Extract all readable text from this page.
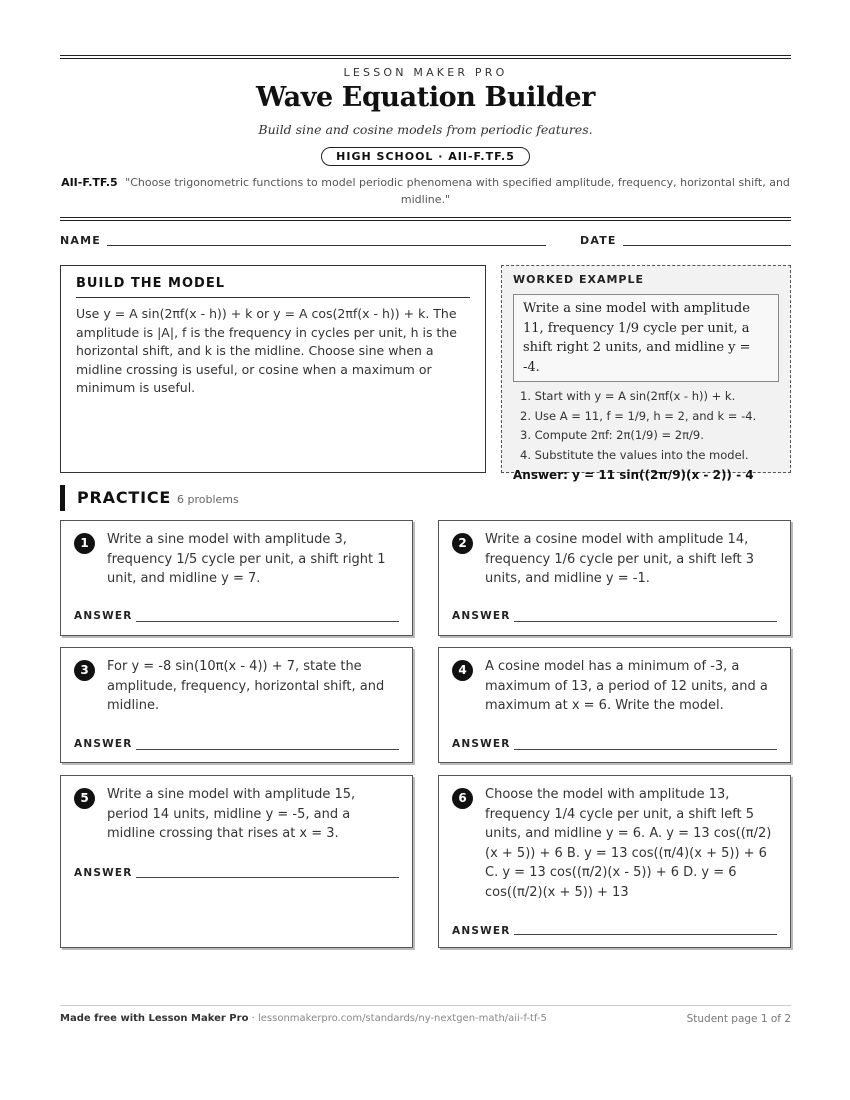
LESSON MAKER PRO
Wave Equation Builder
Build sine and cosine models from periodic features.
HIGH SCHOOL · AII-F.TF.5
AII-F.TF.5 "Choose trigonometric functions to model periodic phenomena with specified amplitude, frequency, horizontal shift, and midline."
NAME	DATE
BUILD THE MODEL
Use y = A sin(2πf(x - h)) + k or y = A cos(2πf(x - h)) + k. The amplitude is |A|, f is the frequency in cycles per unit, h is the horizontal shift, and k is the midline. Choose sine when a midline crossing is useful, or cosine when a maximum or minimum is useful.
WORKED EXAMPLE
Write a sine model with amplitude 11, frequency 1/9 cycle per unit, a shift right 2 units, and midline y = -4.
1. Start with y = A sin(2πf(x - h)) + k.
2. Use A = 11, f = 1/9, h = 2, and k = -4.
3. Compute 2πf: 2π(1/9) = 2π/9.
4. Substitute the values into the model.
Answer: y = 11 sin((2π/9)(x - 2)) - 4
PRACTICE 6 problems
1	Write a sine model with amplitude 3, frequency 1/5 cycle per unit, a shift right 1 unit, and midline y = 7.
ANSWER
2	Write a cosine model with amplitude 14, frequency 1/6 cycle per unit, a shift left 3 units, and midline y = -1.
ANSWER
3	For y = -8 sin(10π(x - 4)) + 7, state the amplitude, frequency, horizontal shift, and midline.
ANSWER
4	A cosine model has a minimum of -3, a maximum of 13, a period of 12 units, and a maximum at x = 6. Write the model.
ANSWER
5	Write a sine model with amplitude 15, period 14 units, midline y = -5, and a midline crossing that rises at x = 3.
ANSWER
6	Choose the model with amplitude 13, frequency 1/4 cycle per unit, a shift left 5 units, and midline y = 6. A. y = 13 cos((π/2)(x + 5)) + 6 B. y = 13 cos((π/4)(x + 5)) + 6 C. y = 13 cos((π/2)(x - 5)) + 6 D. y = 6 cos((π/2)(x + 5)) + 13
ANSWER
Made free with Lesson Maker Pro · lessonmakerpro.com/standards/ny-nextgen-math/aii-f-tf-5	Student page 1 of 2
